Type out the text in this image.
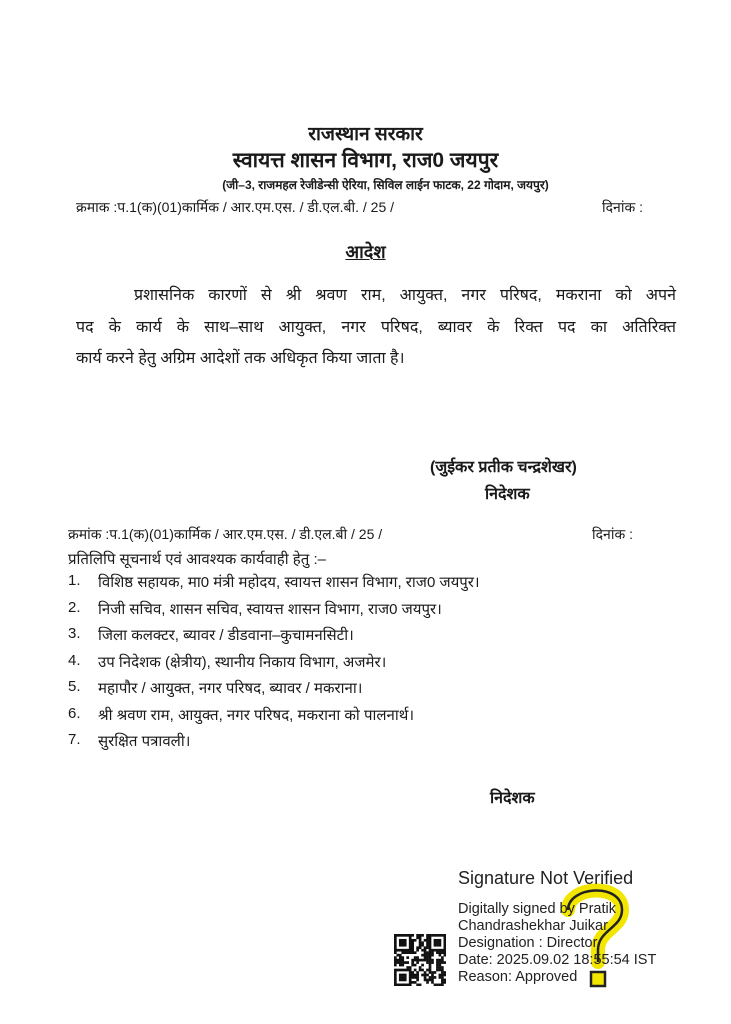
राजस्थान सरकार
स्वायत्त शासन विभाग, राज0 जयपुर
(जी–3, राजमहल रेजीडेन्सी ऐरिया, सिविल लाईन फाटक, 22 गोदाम, जयपुर)
क्रमाक :प.1(क)(01)कार्मिक / आर.एम.एस. / डी.एल.बी. / 25 /	दिनांक :
आदेश
प्रशासनिक कारणों से श्री श्रवण राम, आयुक्त, नगर परिषद, मकराना को अपने
पद के कार्य के साथ–साथ आयुक्त, नगर परिषद, ब्यावर के रिक्त पद का अतिरिक्त
कार्य करने हेतु अग्रिम आदेशों तक अधिकृत किया जाता है।
(जुईकर प्रतीक चन्द्रशेखर)
निदेशक
क्रमांक :प.1(क)(01)कार्मिक / आर.एम.एस. / डी.एल.बी / 25 /	दिनांक :
प्रतिलिपि सूचनार्थ एवं आवश्यक कार्यवाही हेतु :–
1.	विशिष्ठ सहायक, मा0 मंत्री महोदय, स्वायत्त शासन विभाग, राज0 जयपुर।
2.	निजी सचिव, शासन सचिव, स्वायत्त शासन विभाग, राज0 जयपुर।
3.	जिला कलक्टर, ब्यावर / डीडवाना–कुचामनसिटी।
4.	उप निदेशक (क्षेत्रीय), स्थानीय निकाय विभाग, अजमेर।
5.	महापौर / आयुक्त, नगर परिषद, ब्यावर / मकराना।
6.	श्री श्रवण राम, आयुक्त, नगर परिषद, मकराना को पालनार्थ।
7.	सुरक्षित पत्रावली।
निदेशक
Signature Not Verified
Digitally signed by Pratik
Chandrashekhar Juikar
Designation : Director
Date: 2025.09.02 18:55:54 IST
Reason: Approved
